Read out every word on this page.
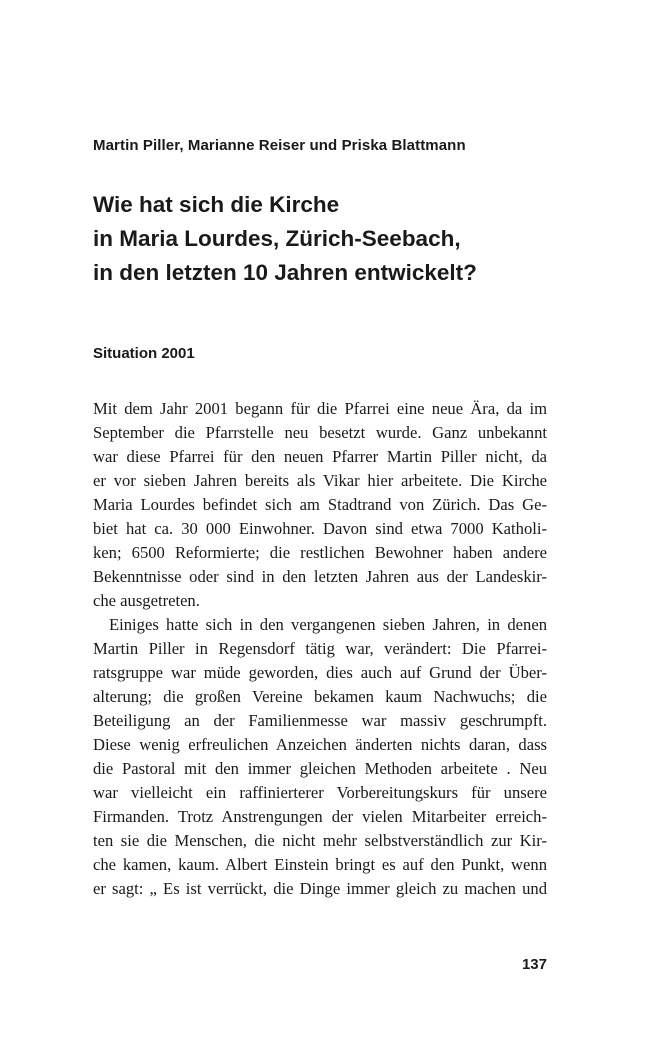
Martin Piller, Marianne Reiser und Priska Blattmann
Wie hat sich die Kirche
in Maria Lourdes, Zürich-Seebach,
in den letzten 10 Jahren entwickelt?
Situation 2001
Mit dem Jahr 2001 begann für die Pfarrei eine neue Ära, da im
September die Pfarrstelle neu besetzt wurde. Ganz unbekannt
war diese Pfarrei für den neuen Pfarrer Martin Piller nicht, da
er vor sieben Jahren bereits als Vikar hier arbeitete. Die Kirche
Maria Lourdes befindet sich am Stadtrand von Zürich. Das Ge-
biet hat ca. 30 000 Einwohner. Davon sind etwa 7000 Katholi-
ken; 6500 Reformierte; die restlichen Bewohner haben andere
Bekenntnisse oder sind in den letzten Jahren aus der Landeskir-
che ausgetreten.
Einiges hatte sich in den vergangenen sieben Jahren, in denen
Martin Piller in Regensdorf tätig war, verändert: Die Pfarrei-
ratsgruppe war müde geworden, dies auch auf Grund der Über-
alterung; die großen Vereine bekamen kaum Nachwuchs; die
Beteiligung an der Familienmesse war massiv geschrumpft.
Diese wenig erfreulichen Anzeichen änderten nichts daran, dass
die Pastoral mit den immer gleichen Methoden arbeitete . Neu
war vielleicht ein raffinierterer Vorbereitungskurs für unsere
Firmanden. Trotz Anstrengungen der vielen Mitarbeiter erreich-
ten sie die Menschen, die nicht mehr selbstverständlich zur Kir-
che kamen, kaum. Albert Einstein bringt es auf den Punkt, wenn
er sagt: „ Es ist verrückt, die Dinge immer gleich zu machen und
137
